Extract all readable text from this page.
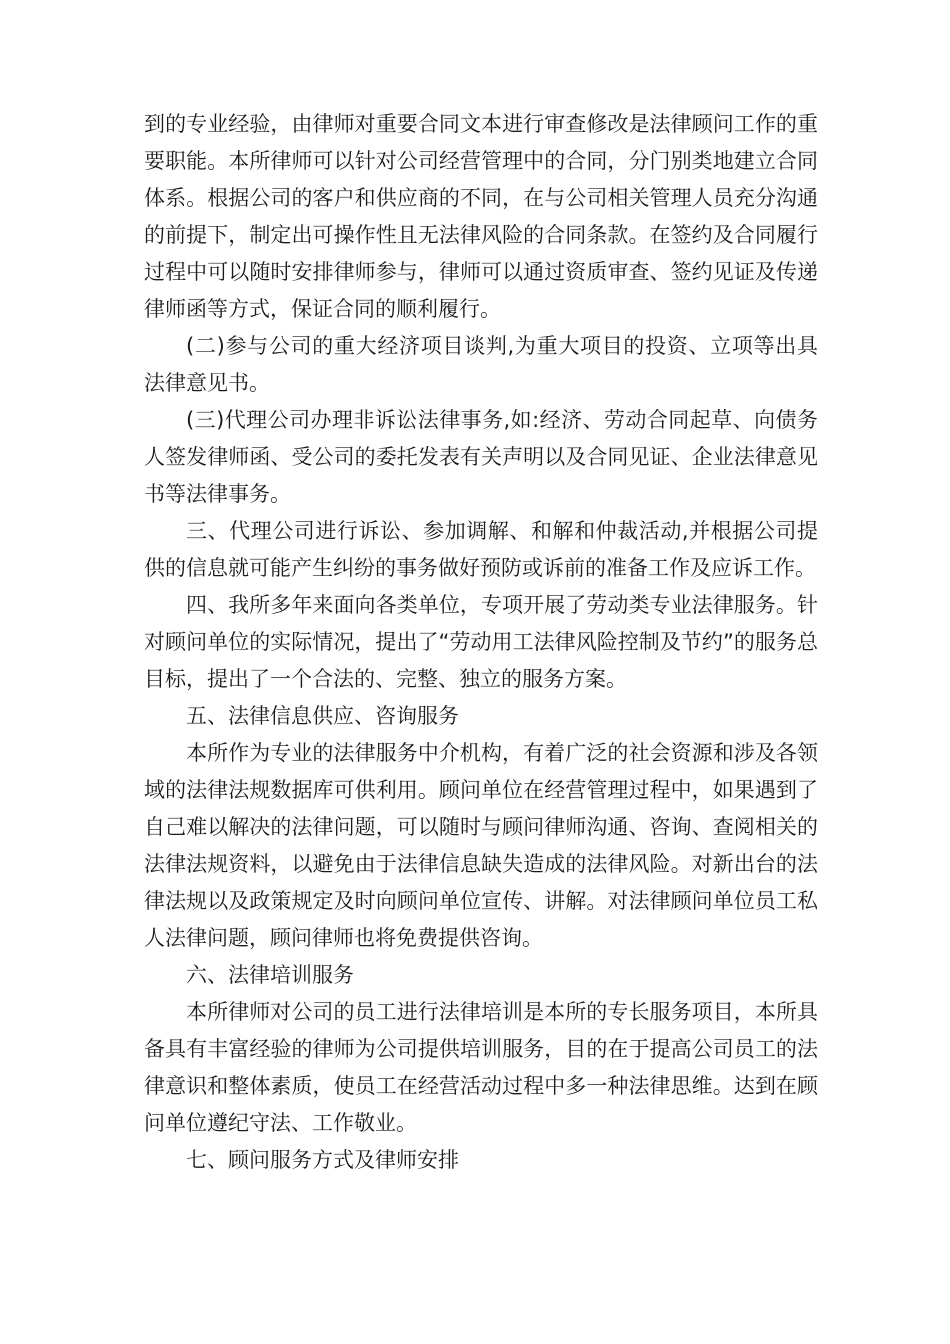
到的专业经验，由律师对重要合同文本进行审查修改是法律顾问工作的重要职能。本所律师可以针对公司经营管理中的合同，分门别类地建立合同体系。根据公司的客户和供应商的不同，在与公司相关管理人员充分沟通的前提下，制定出可操作性且无法律风险的合同条款。在签约及合同履行过程中可以随时安排律师参与，律师可以通过资质审查、签约见证及传递律师函等方式，保证合同的顺利履行。

(二)参与公司的重大经济项目谈判,为重大项目的投资、立项等出具法律意见书。

(三)代理公司办理非诉讼法律事务,如:经济、劳动合同起草、向债务人签发律师函、受公司的委托发表有关声明以及合同见证、企业法律意见书等法律事务。

三、代理公司进行诉讼、参加调解、和解和仲裁活动,并根据公司提供的信息就可能产生纠纷的事务做好预防或诉前的准备工作及应诉工作。

四、我所多年来面向各类单位，专项开展了劳动类专业法律服务。针对顾问单位的实际情况，提出了“劳动用工法律风险控制及节约”的服务总目标，提出了一个合法的、完整、独立的服务方案。

五、法律信息供应、咨询服务

本所作为专业的法律服务中介机构，有着广泛的社会资源和涉及各领域的法律法规数据库可供利用。顾问单位在经营管理过程中，如果遇到了自己难以解决的法律问题，可以随时与顾问律师沟通、咨询、查阅相关的法律法规资料，以避免由于法律信息缺失造成的法律风险。对新出台的法律法规以及政策规定及时向顾问单位宣传、讲解。对法律顾问单位员工私人法律问题，顾问律师也将免费提供咨询。

六、法律培训服务

本所律师对公司的员工进行法律培训是本所的专长服务项目，本所具备具有丰富经验的律师为公司提供培训服务，目的在于提高公司员工的法律意识和整体素质，使员工在经营活动过程中多一种法律思维。达到在顾问单位遵纪守法、工作敬业。

七、顾问服务方式及律师安排
